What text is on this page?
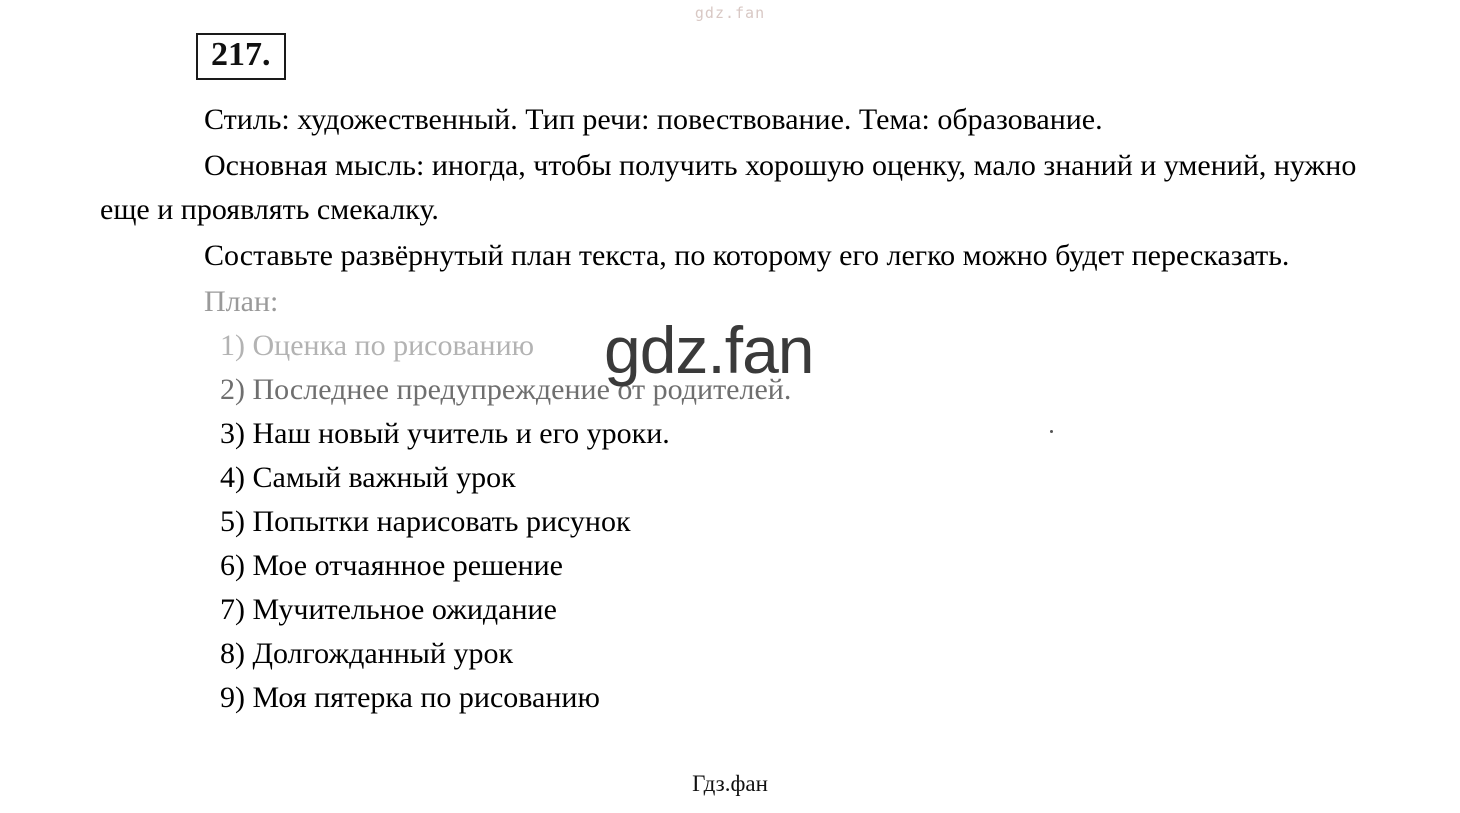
gdz.fan
217.

Стиль: художественный. Тип речи: повествование. Тема: образование.

Основная мысль: иногда, чтобы получить хорошую оценку, мало знаний и умений, нужно еще и проявлять смекалку.

Составьте развёрнутый план текста, по которому его легко можно будет пересказать.

План:

1) Оценка по рисованию
2) Последнее предупреждение от родителей.
3) Наш новый учитель и его уроки.
4) Самый важный урок
5) Попытки нарисовать рисунок
6) Мое отчаянное решение
7) Мучительное ожидание
8) Долгожданный урок
9) Моя пятерка по рисованию
gdz.fan
Гдз.фан
